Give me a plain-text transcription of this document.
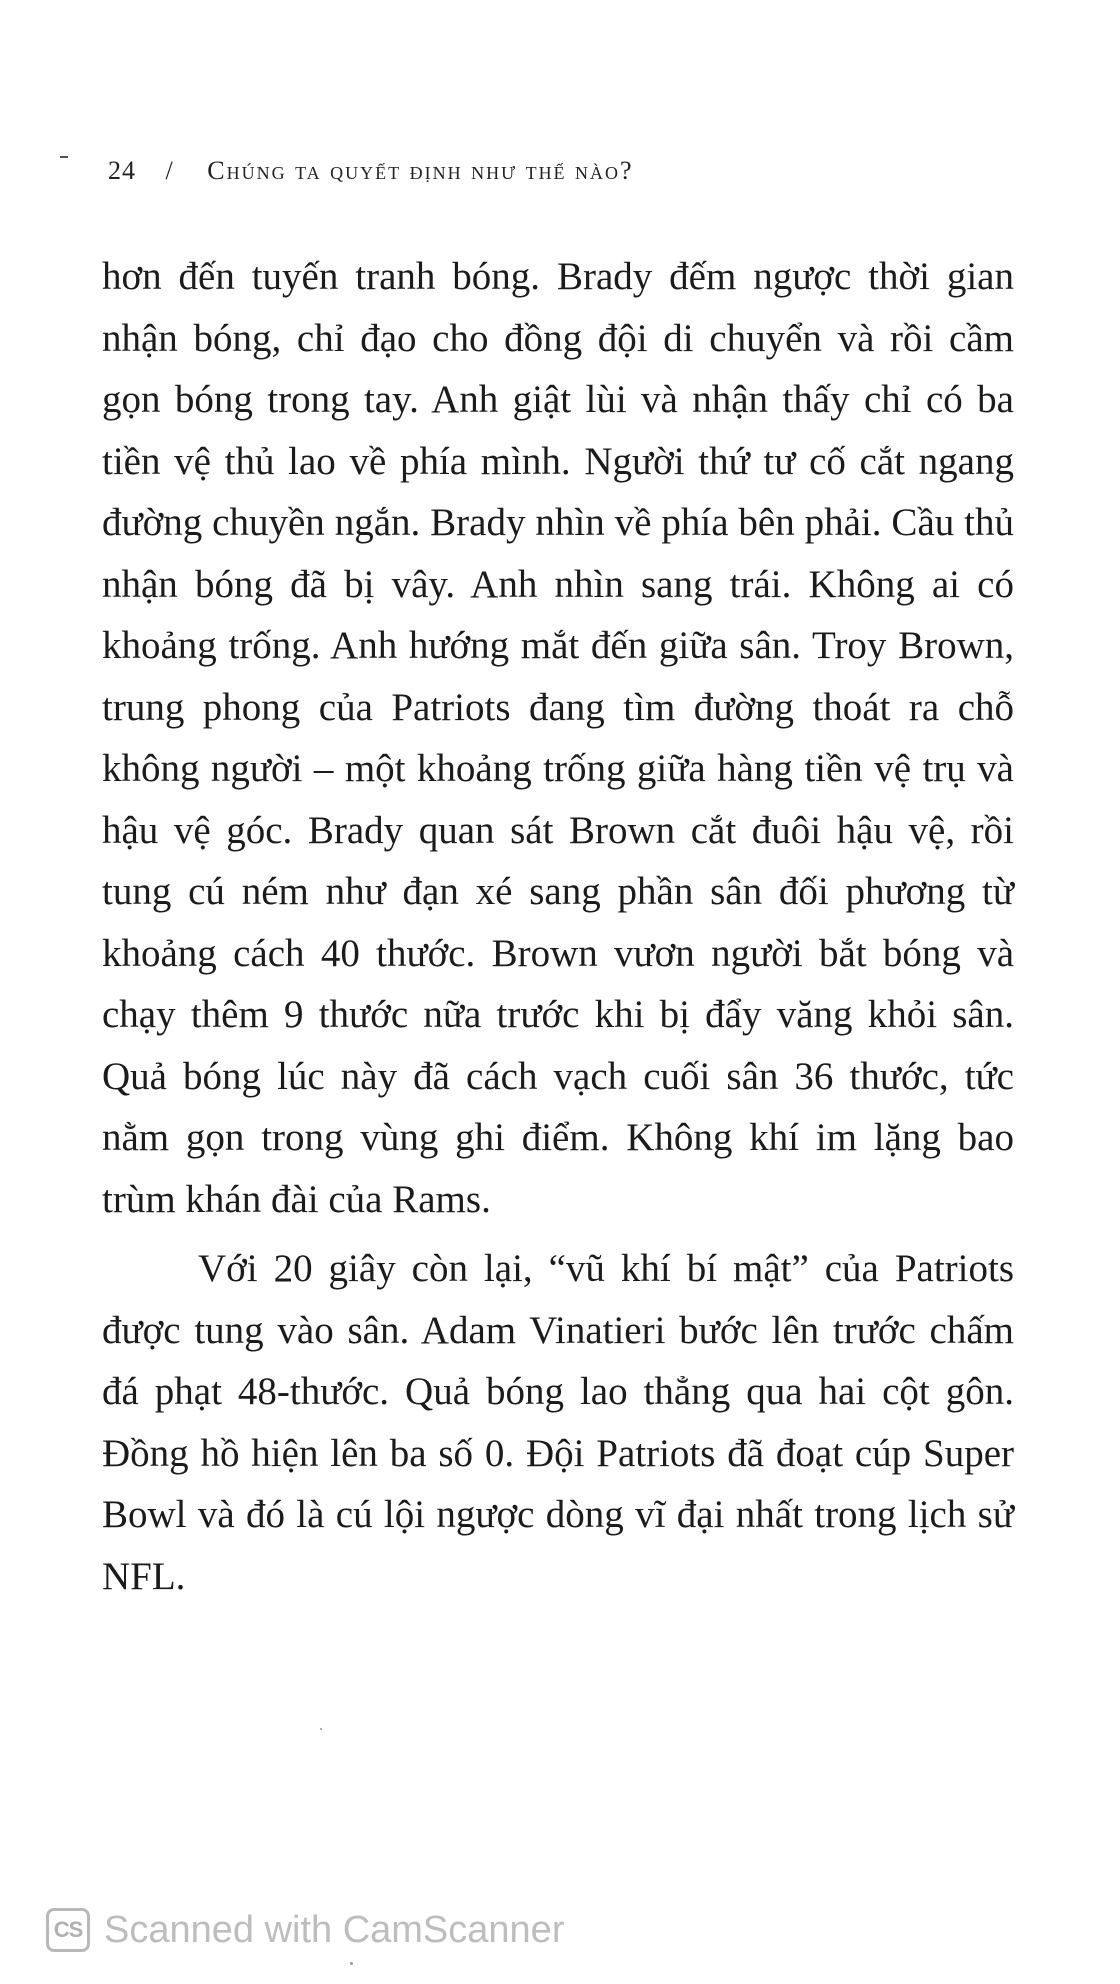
24 / Chúng ta quyết định như thế nào?

hơn đến tuyến tranh bóng. Brady đếm ngược thời gian nhận bóng, chỉ đạo cho đồng đội di chuyển và rồi cầm gọn bóng trong tay. Anh giật lùi và nhận thấy chỉ có ba tiền vệ thủ lao về phía mình. Người thứ tư cố cắt ngang đường chuyền ngắn. Brady nhìn về phía bên phải. Cầu thủ nhận bóng đã bị vây. Anh nhìn sang trái. Không ai có khoảng trống. Anh hướng mắt đến giữa sân. Troy Brown, trung phong của Patriots đang tìm đường thoát ra chỗ không người – một khoảng trống giữa hàng tiền vệ trụ và hậu vệ góc. Brady quan sát Brown cắt đuôi hậu vệ, rồi tung cú ném như đạn xé sang phần sân đối phương từ khoảng cách 40 thước. Brown vươn người bắt bóng và chạy thêm 9 thước nữa trước khi bị đẩy văng khỏi sân. Quả bóng lúc này đã cách vạch cuối sân 36 thước, tức nằm gọn trong vùng ghi điểm. Không khí im lặng bao trùm khán đài của Rams.

Với 20 giây còn lại, “vũ khí bí mật” của Patriots được tung vào sân. Adam Vinatieri bước lên trước chấm đá phạt 48-thước. Quả bóng lao thẳng qua hai cột gôn. Đồng hồ hiện lên ba số 0. Đội Patriots đã đoạt cúp Super Bowl và đó là cú lội ngược dòng vĩ đại nhất trong lịch sử NFL.

CS Scanned with CamScanner
